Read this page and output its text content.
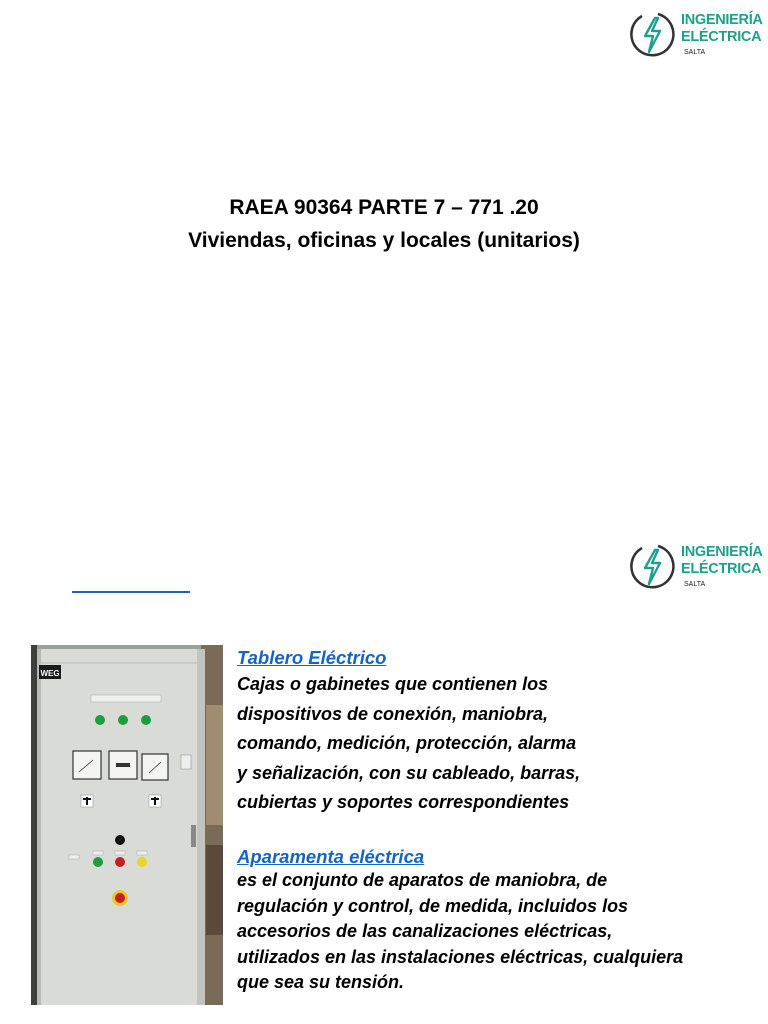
INGENIERÍA
ELÉCTRICA
SALTA
RAEA 90364 PARTE 7 – 771 .20
Viviendas, oficinas y locales (unitarios)
INGENIERÍA
ELÉCTRICA
SALTA
WEG
Tablero Eléctrico
Cajas o gabinetes que contienen los
dispositivos de conexión, maniobra,
comando, medición, protección, alarma
y señalización, con su cableado, barras,
cubiertas y soportes correspondientes
Aparamenta eléctrica
es el conjunto de aparatos de maniobra, de
regulación y control, de medida, incluidos los
accesorios de las canalizaciones eléctricas,
utilizados en las instalaciones eléctricas, cualquiera
que sea su tensión.
